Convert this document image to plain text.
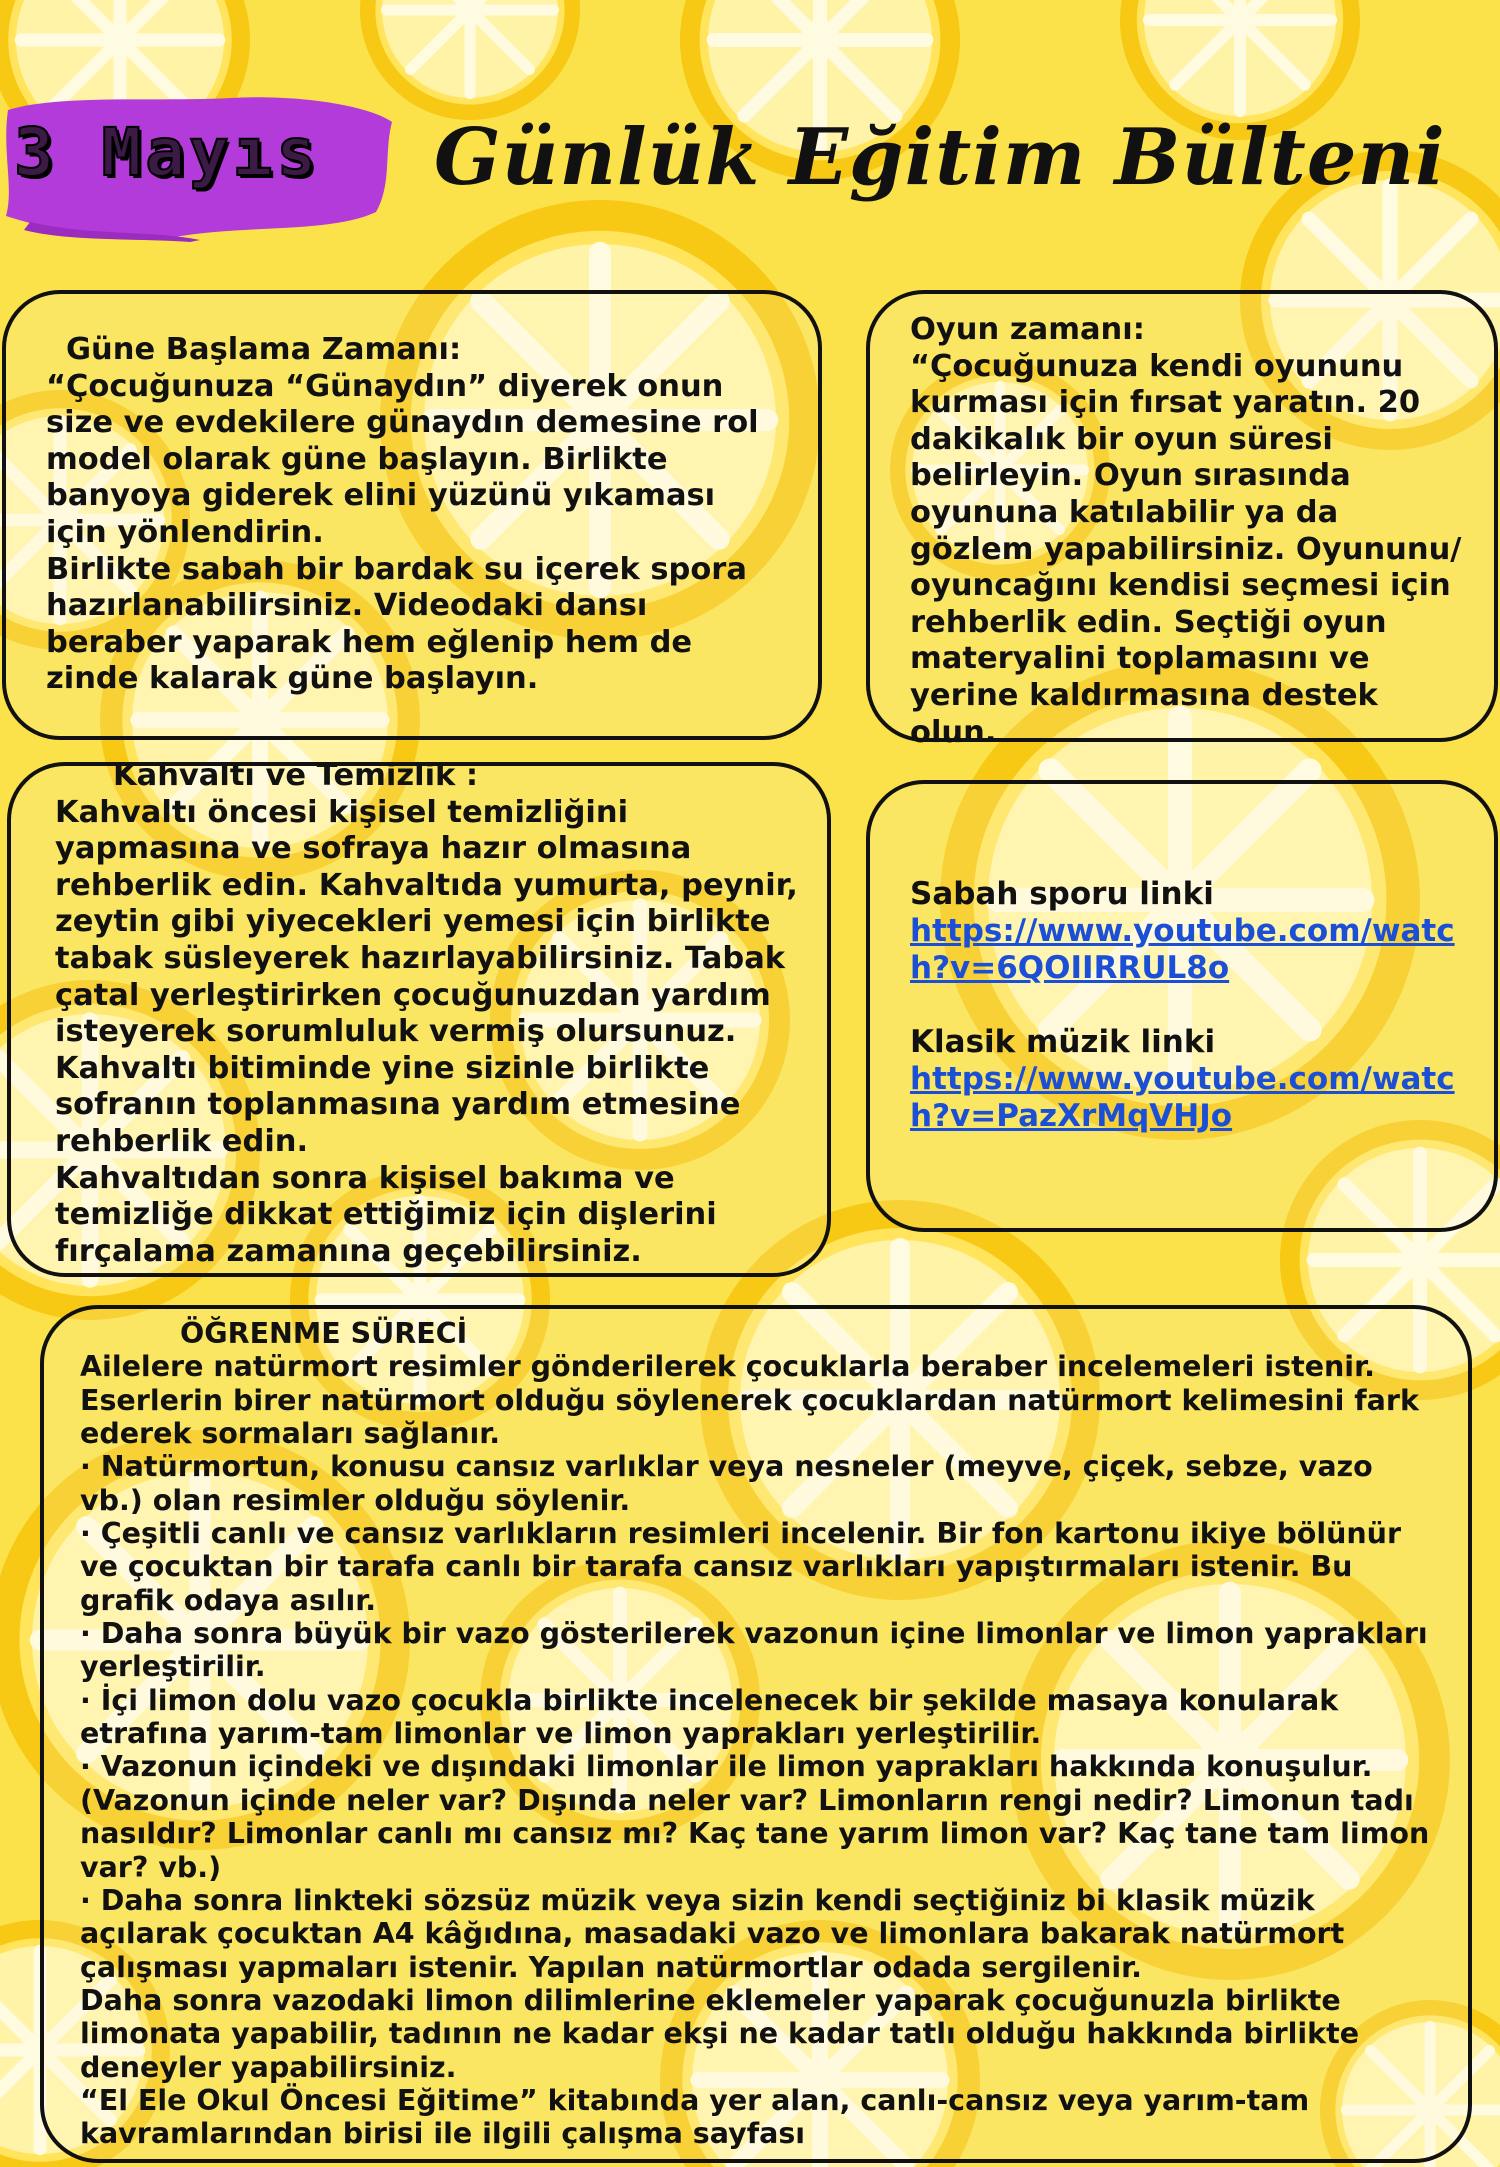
3 Mayıs Günlük Eğitim Bülteni
Güne Başlama Zamanı:
“Çocuğunuza “Günaydın” diyerek onun size ve evdekilere günaydın demesine rol model olarak güne başlayın. Birlikte banyoya giderek elini yüzünü yıkaması için yönlendirin.
Birlikte sabah bir bardak su içerek spora hazırlanabilirsiniz. Videodaki dansı beraber yaparak hem eğlenip hem de zinde kalarak güne başlayın.
Oyun zamanı:
“Çocuğunuza kendi oyununu kurması için fırsat yaratın. 20 dakikalık bir oyun süresi belirleyin. Oyun sırasında oyununa katılabilir ya da gözlem yapabilirsiniz. Oyununu/ oyuncağını kendisi seçmesi için rehberlik edin. Seçtiği oyun materyalini toplamasını ve yerine kaldırmasına destek olun.
Kahvaltı ve Temizlik :
Kahvaltı öncesi kişisel temizliğini yapmasına ve sofraya hazır olmasına rehberlik edin. Kahvaltıda yumurta, peynir, zeytin gibi yiyecekleri yemesi için birlikte tabak süsleyerek hazırlayabilirsiniz. Tabak çatal yerleştirirken çocuğunuzdan yardım isteyerek sorumluluk vermiş olursunuz. Kahvaltı bitiminde yine sizinle birlikte sofranın toplanmasına yardım etmesine rehberlik edin.
Kahvaltıdan sonra kişisel bakıma ve temizliğe dikkat ettiğimiz için dişlerini fırçalama zamanına geçebilirsiniz.
Sabah sporu linki
https://www.youtube.com/watch?v=6QOIIRRUL8o
Klasik müzik linki
https://www.youtube.com/watch?v=PazXrMqVHJo
ÖĞRENME SÜRECİ
Ailelere natürmort resimler gönderilerek çocuklarla beraber incelemeleri istenir. Eserlerin birer natürmort olduğu söylenerek çocuklardan natürmort kelimesini fark ederek sormaları sağlanır.
· Natürmortun, konusu cansız varlıklar veya nesneler (meyve, çiçek, sebze, vazo vb.) olan resimler olduğu söylenir.
· Çeşitli canlı ve cansız varlıkların resimleri incelenir. Bir fon kartonu ikiye bölünür ve çocuktan bir tarafa canlı bir tarafa cansız varlıkları yapıştırmaları istenir. Bu grafik odaya asılır.
· Daha sonra büyük bir vazo gösterilerek vazonun içine limonlar ve limon yaprakları yerleştirilir.
· İçi limon dolu vazo çocukla birlikte incelenecek bir şekilde masaya konularak etrafına yarım-tam limonlar ve limon yaprakları yerleştirilir.
· Vazonun içindeki ve dışındaki limonlar ile limon yaprakları hakkında konuşulur. (Vazonun içinde neler var? Dışında neler var? Limonların rengi nedir? Limonun tadı nasıldır? Limonlar canlı mı cansız mı? Kaç tane yarım limon var? Kaç tane tam limon var? vb.)
· Daha sonra linkteki sözsüz müzik veya sizin kendi seçtiğiniz bi klasik müzik açılarak çocuktan A4 kâğıdına, masadaki vazo ve limonlara bakarak natürmort çalışması yapmaları istenir. Yapılan natürmortlar odada sergilenir.
Daha sonra vazodaki limon dilimlerine eklemeler yaparak çocuğunuzla birlikte limonata yapabilir, tadının ne kadar ekşi ne kadar tatlı olduğu hakkında birlikte deneyler yapabilirsiniz.
“El Ele Okul Öncesi Eğitime” kitabında yer alan, canlı-cansız veya yarım-tam kavramlarından birisi ile ilgili çalışma sayfası
